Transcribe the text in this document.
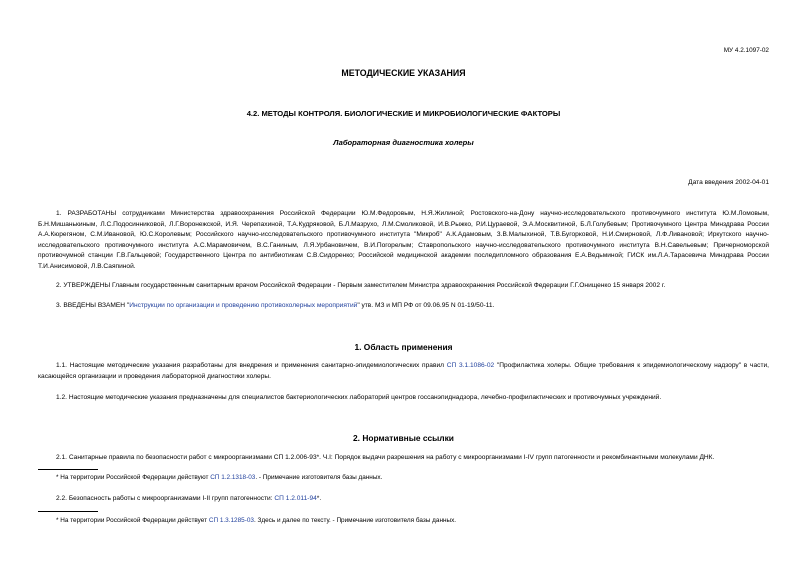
МУ 4.2.1097-02
МЕТОДИЧЕСКИЕ УКАЗАНИЯ
4.2. МЕТОДЫ КОНТРОЛЯ. БИОЛОГИЧЕСКИЕ И МИКРОБИОЛОГИЧЕСКИЕ ФАКТОРЫ
Лабораторная диагностика холеры
Дата введения 2002-04-01
1. РАЗРАБОТАНЫ сотрудниками Министерства здравоохранения Российской Федерации Ю.М.Федоровым, Н.Я.Жилиной; Ростовского-на-Дону научно-исследовательского противочумного института Ю.М.Ломовым, Б.Н.Мишанькиным, Л.С.Подосинниковой, Л.Г.Воронежской, И.Я. Черепахиной, Т.А.Кудряковой, Б.Л.Мазрухо, Л.М.Смоликовой, И.В.Рыжко, Р.И.Цураевой, Э.А.Москвитиной, Б.Л.Голубевым; Противочумного Центра Минздрава России А.А.Кюрегяном, С.М.Ивановой, Ю.С.Королевым; Российского научно-исследовательского противочумного института "Микроб" А.К.Адамовым, З.В.Малыхиной, Т.В.Бугорковой, Н.И.Смирновой, Л.Ф.Ливановой; Иркутского научно-исследовательского противочумного института А.С.Марамовичем, В.С.Ганиным, Л.Я.Урбановичем, В.И.Погорелым; Ставропольского научно-исследовательского противочумного института В.Н.Савельевым; Причерноморской противочумной станции Г.В.Гальцевой; Государственного Центра по антибиотикам С.В.Сидоренко; Российской медицинской академии последипломного образования Е.А.Ведьминой; ГИСК им.Л.А.Тарасевича Минздрава России Т.И.Анисимовой, Л.В.Саяпиной.
2. УТВЕРЖДЕНЫ Главным государственным санитарным врачом Российской Федерации - Первым заместителем Министра здравоохранения Российской Федерации Г.Г.Онищенко 15 января 2002 г.
3. ВВЕДЕНЫ ВЗАМЕН "Инструкции по организации и проведению противохолерных мероприятий" утв. МЗ и МП РФ от 09.06.95 N 01-19/50-11.
1. Область применения
1.1. Настоящие методические указания разработаны для внедрения и применения санитарно-эпидемиологических правил СП 3.1.1086-02 "Профилактика холеры. Общие требования к эпидемиологическому надзору" в части, касающейся организации и проведения лабораторной диагностики холеры.
1.2. Настоящие методические указания предназначены для специалистов бактериологических лабораторий центров госсанэпиднадзора, лечебно-профилактических и противочумных учреждений.
2. Нормативные ссылки
2.1. Санитарные правила по безопасности работ с микроорганизмами СП 1.2.006-93*. Ч.I: Порядок выдачи разрешения на работу с микроорганизмами I-IV групп патогенности и рекомбинантными молекулами ДНК.
* На территории Российской Федерации действуют СП 1.2.1318-03. - Примечание изготовителя базы данных.
2.2. Безопасность работы с микроорганизмами I-II групп патогенности: СП 1.2.011-94*.
* На территории Российской Федерации действует СП 1.3.1285-03. Здесь и далее по тексту. - Примечание изготовителя базы данных.
